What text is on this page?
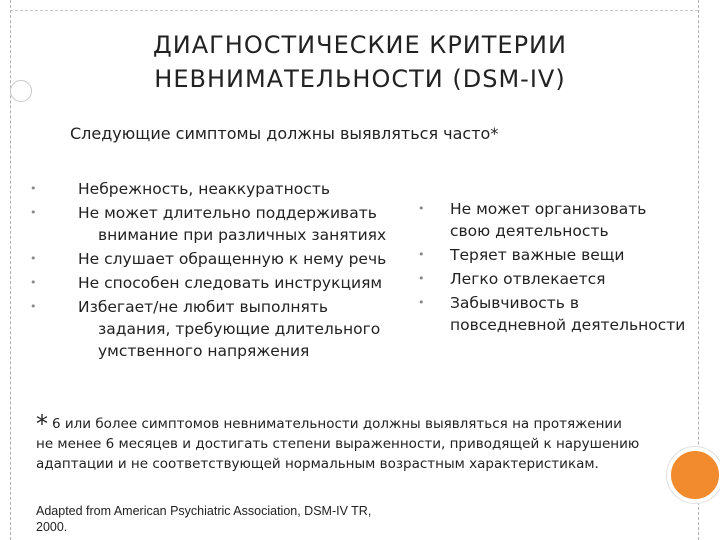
ДИАГНОСТИЧЕСКИЕ КРИТЕРИИ
НЕВНИМАТЕЛЬНОСТИ (DSM-IV)
Следующие симптомы должны выявляться часто*
•	Небрежность, неаккуратность
•	Не может длительно поддерживать
внимание при различных занятиях
•	Не слушает обращенную к нему речь
•	Не способен следовать инструкциям
•	Избегает/не любит выполнять
задания, требующие длительного
умственного напряжения
• Не может организовать
свою деятельность
• Теряет важные вещи
• Легко отвлекается
• Забывчивость в
повседневной деятельности
* 6 или более симптомов невнимательности должны выявляться на протяжении
не менее 6 месяцев и достигать степени выраженности, приводящей к нарушению
адаптации и не соответствующей нормальным возрастным характеристикам.
Adapted from American Psychiatric Association, DSM-IV TR,
2000.
